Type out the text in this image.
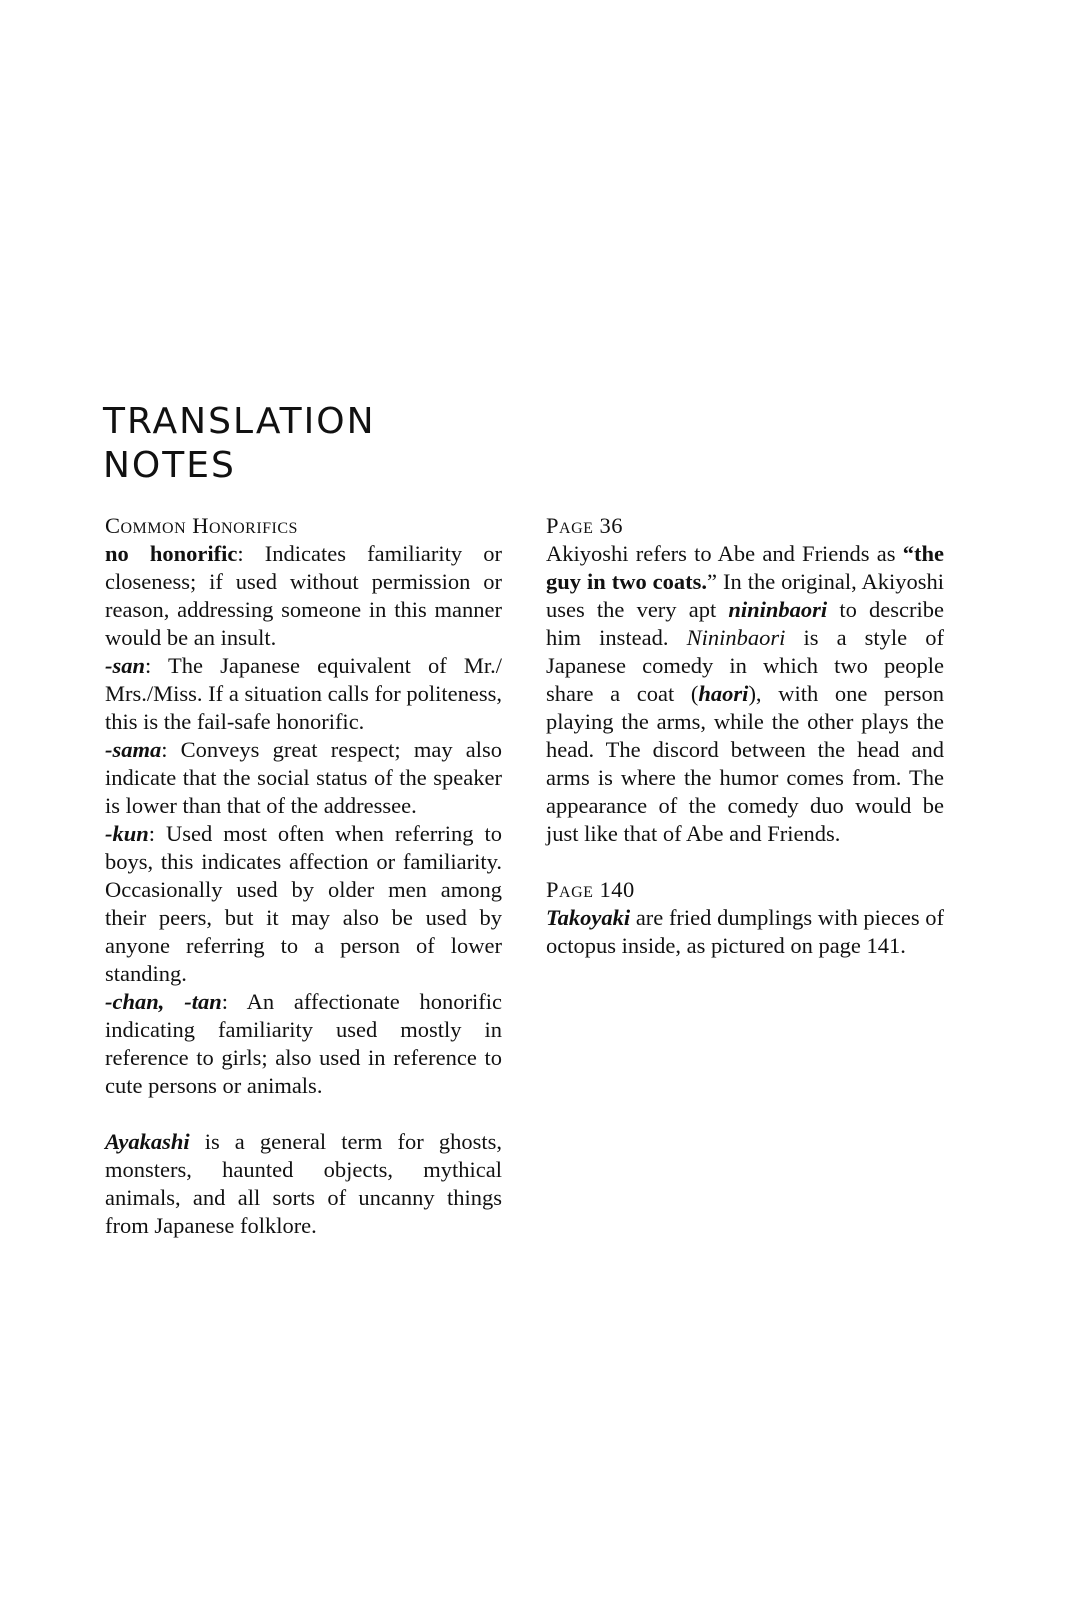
TRANSLATION
NOTES
Common Honorifics

no honorific: Indicates familiarity or closeness; if used without permission or reason, addressing someone in this manner would be an insult.

-san: The Japanese equivalent of Mr./ Mrs./Miss. If a situation calls for politeness, this is the fail-safe honorific.

-sama: Conveys great respect; may also indicate that the social status of the speaker is lower than that of the addressee.

-kun: Used most often when referring to boys, this indicates affection or familiarity. Occasionally used by older men among their peers, but it may also be used by anyone referring to a person of lower standing.

-chan, -tan: An affectionate honorific indicating familiarity used mostly in reference to girls; also used in reference to cute persons or animals.

Ayakashi is a general term for ghosts, monsters, haunted objects, mythical animals, and all sorts of uncanny things from Japanese folklore.

Page 36

Akiyoshi refers to Abe and Friends as “the guy in two coats.” In the original, Akiyoshi uses the very apt nininbaori to describe him instead. Nininbaori is a style of Japanese comedy in which two people share a coat (haori), with one person playing the arms, while the other plays the head. The discord between the head and arms is where the humor comes from. The appearance of the comedy duo would be just like that of Abe and Friends.

Page 140

Takoyaki are fried dumplings with pieces of octopus inside, as pictured on page 141.
